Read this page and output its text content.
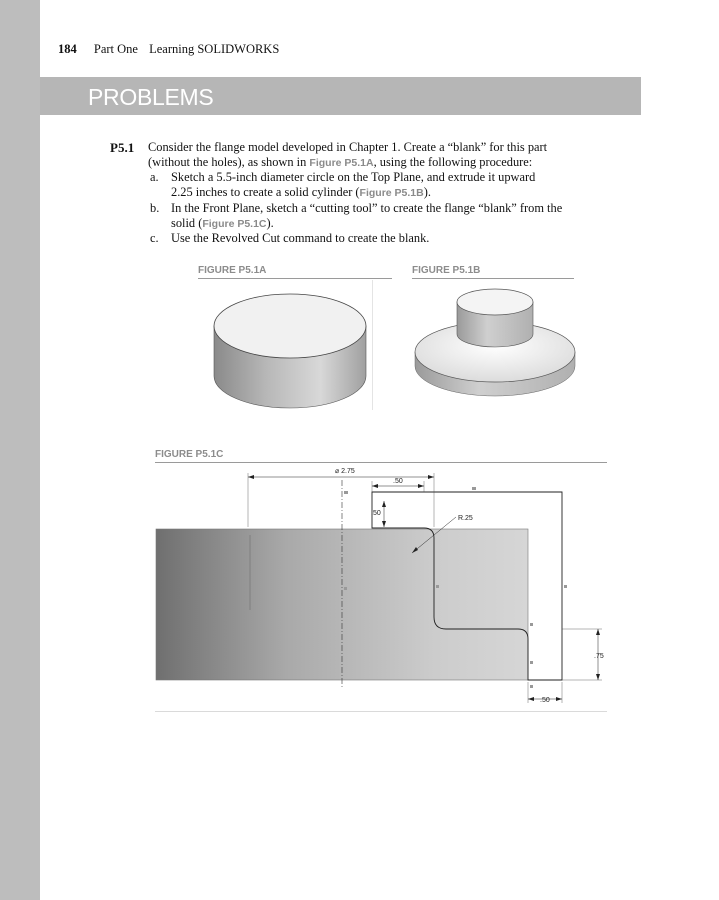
184 Part One Learning SOLIDWORKS
PROBLEMS
P5.1 Consider the flange model developed in Chapter 1. Create a “blank” for this part
(without the holes), as shown in Figure P5.1A, using the following procedure:
a. Sketch a 5.5-inch diameter circle on the Top Plane, and extrude it upward
2.25 inches to create a solid cylinder (Figure P5.1B).
b. In the Front Plane, sketch a “cutting tool” to create the flange “blank” from the
solid (Figure P5.1C).
c. Use the Revolved Cut command to create the blank.
FIGURE P5.1A	FIGURE P5.1B
FIGURE P5.1C
⌀ 2.75
.50
.50
R.25
.75
.50
